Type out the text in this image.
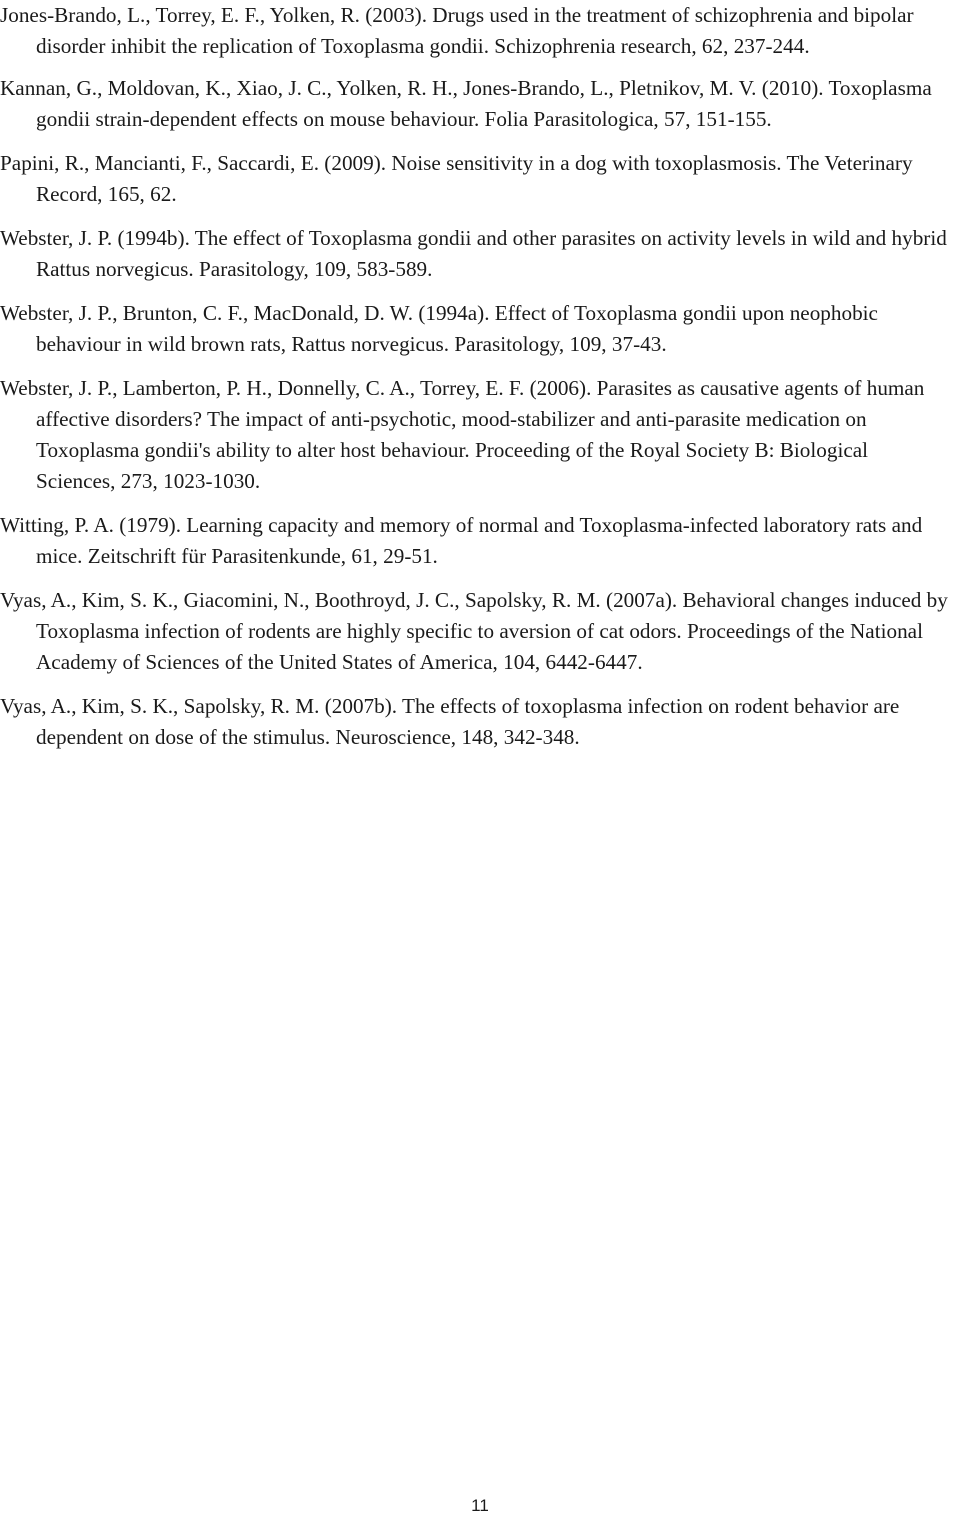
Jones-Brando, L., Torrey, E. F., Yolken, R. (2003). Drugs used in the treatment of schizophrenia and bipolar disorder inhibit the replication of Toxoplasma gondii. Schizophrenia research, 62, 237-244.

Kannan, G., Moldovan, K., Xiao, J. C., Yolken, R. H., Jones-Brando, L., Pletnikov, M. V. (2010). Toxoplasma gondii strain-dependent effects on mouse behaviour. Folia Parasitologica, 57, 151-155.

Papini, R., Mancianti, F., Saccardi, E. (2009). Noise sensitivity in a dog with toxoplasmosis. The Veterinary Record, 165, 62.

Webster, J. P. (1994b). The effect of Toxoplasma gondii and other parasites on activity levels in wild and hybrid Rattus norvegicus. Parasitology, 109, 583-589.

Webster, J. P., Brunton, C. F., MacDonald, D. W. (1994a). Effect of Toxoplasma gondii upon neophobic behaviour in wild brown rats, Rattus norvegicus. Parasitology, 109, 37-43.

Webster, J. P., Lamberton, P. H., Donnelly, C. A., Torrey, E. F. (2006). Parasites as causative agents of human affective disorders? The impact of anti-psychotic, mood-stabilizer and anti-parasite medication on Toxoplasma gondii's ability to alter host behaviour. Proceeding of the Royal Society B: Biological Sciences, 273, 1023-1030.

Witting, P. A. (1979). Learning capacity and memory of normal and Toxoplasma-infected laboratory rats and mice. Zeitschrift für Parasitenkunde, 61, 29-51.

Vyas, A., Kim, S. K., Giacomini, N., Boothroyd, J. C., Sapolsky, R. M. (2007a). Behavioral changes induced by Toxoplasma infection of rodents are highly specific to aversion of cat odors. Proceedings of the National Academy of Sciences of the United States of America, 104, 6442-6447.

Vyas, A., Kim, S. K., Sapolsky, R. M. (2007b). The effects of toxoplasma infection on rodent behavior are dependent on dose of the stimulus. Neuroscience, 148, 342-348.

11
